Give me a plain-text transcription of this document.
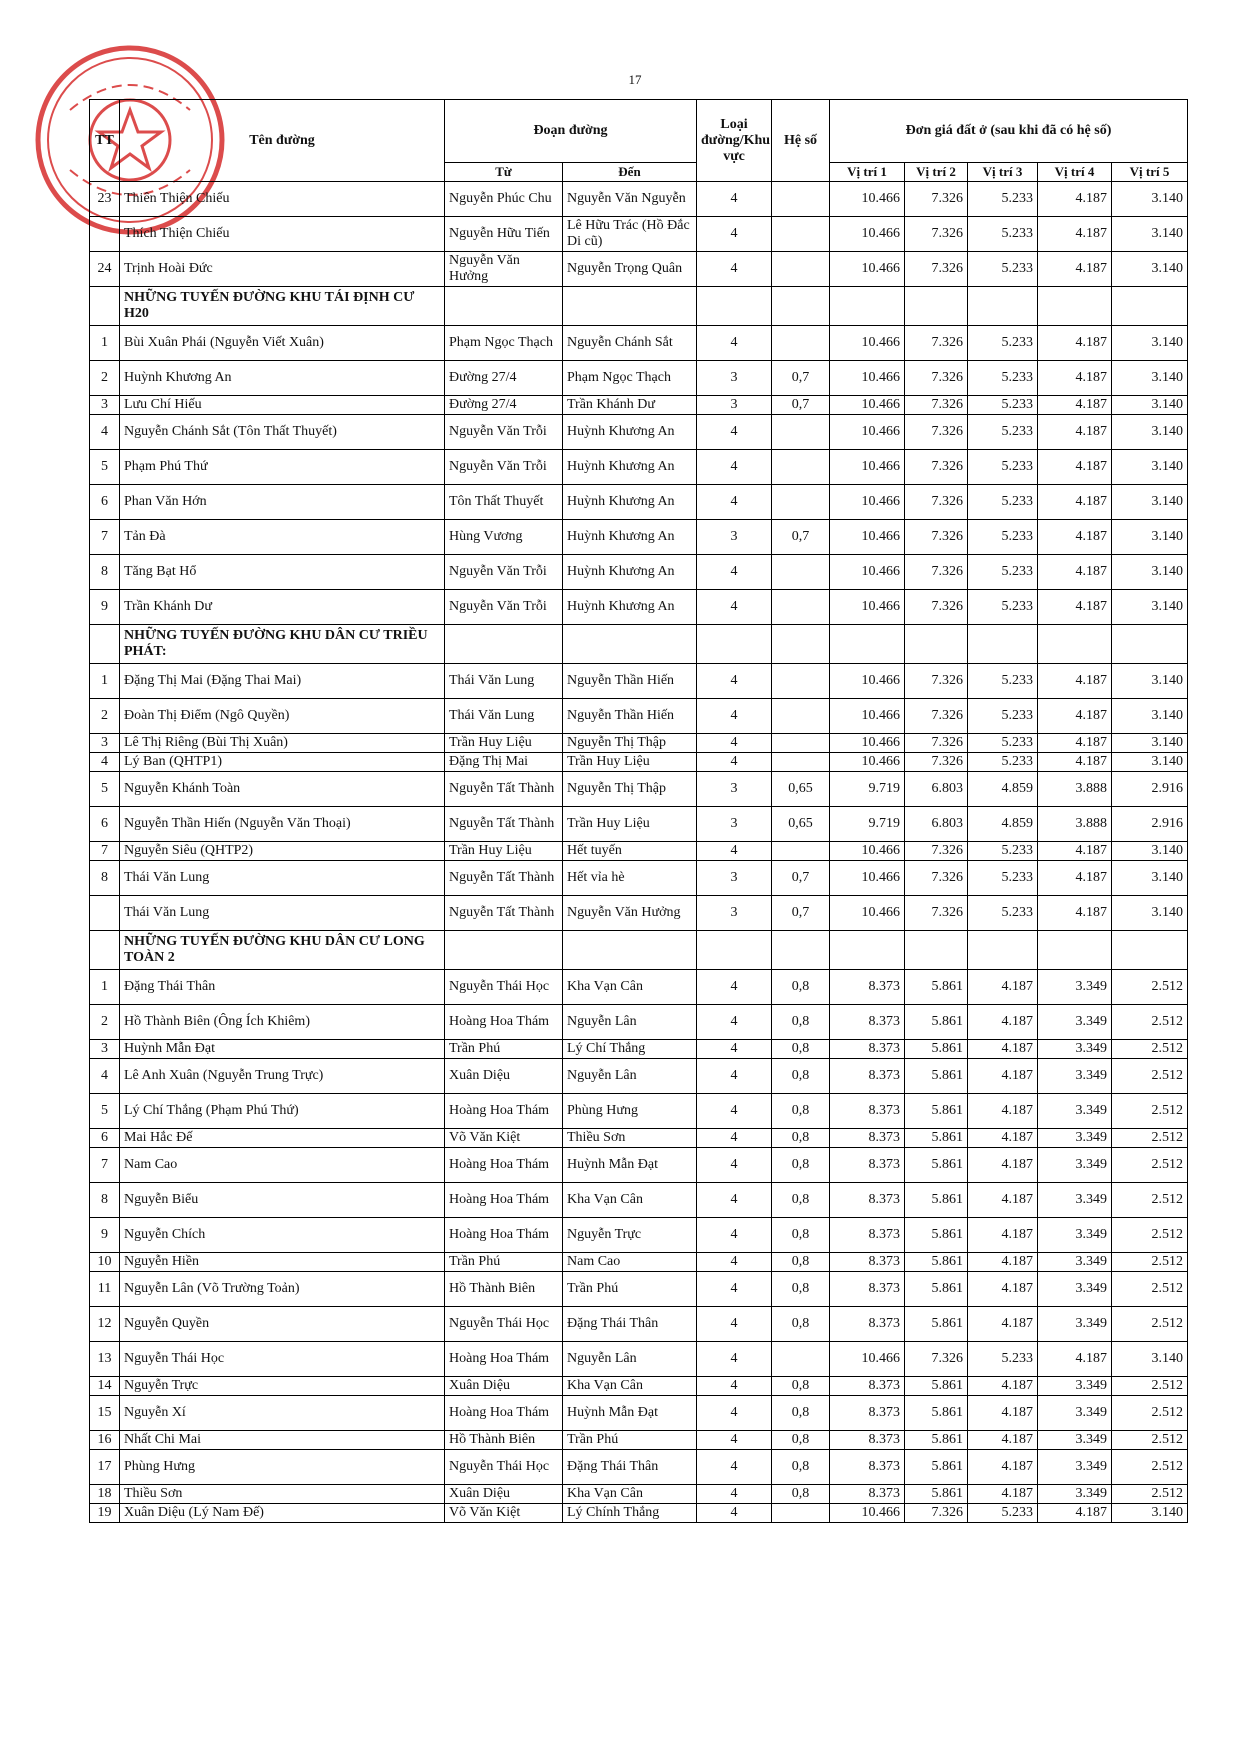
17
TT	Tên đường	Đoạn đường		Loại đường/Khu vực	Hệ số	Đơn giá đất ở (sau khi đã có hệ số)				
		Từ	Đến			Vị trí 1	Vị trí 2	Vị trí 3	Vị trí 4	Vị trí 5
23	Thiên Thiện Chiếu	Nguyễn Phúc Chu	Nguyễn Văn Nguyễn	4		10.466	7.326	5.233	4.187	3.140
	Thích Thiện Chiếu	Nguyễn Hữu Tiến	Lê Hữu Trác (Hồ Đắc Di cũ)	4		10.466	7.326	5.233	4.187	3.140
24	Trịnh Hoài Đức	Nguyễn Văn Hưởng	Nguyễn Trọng Quân	4		10.466	7.326	5.233	4.187	3.140
	NHỮNG TUYẾN ĐƯỜNG KHU TÁI ĐỊNH CƯ H20									
1	Bùi Xuân Phái (Nguyễn Viết Xuân)	Phạm Ngọc Thạch	Nguyễn Chánh Sắt	4		10.466	7.326	5.233	4.187	3.140
2	Huỳnh Khương An	Đường 27/4	Phạm Ngọc Thạch	3	0,7	10.466	7.326	5.233	4.187	3.140
3	Lưu Chí Hiếu	Đường 27/4	Trần Khánh Dư	3	0,7	10.466	7.326	5.233	4.187	3.140
4	Nguyễn Chánh Sắt (Tôn Thất Thuyết)	Nguyễn Văn Trỗi	Huỳnh Khương An	4		10.466	7.326	5.233	4.187	3.140
5	Phạm Phú Thứ	Nguyễn Văn Trỗi	Huỳnh Khương An	4		10.466	7.326	5.233	4.187	3.140
6	Phan Văn Hớn	Tôn Thất Thuyết	Huỳnh Khương An	4		10.466	7.326	5.233	4.187	3.140
7	Tản Đà	Hùng Vương	Huỳnh Khương An	3	0,7	10.466	7.326	5.233	4.187	3.140
8	Tăng Bạt Hổ	Nguyễn Văn Trỗi	Huỳnh Khương An	4		10.466	7.326	5.233	4.187	3.140
9	Trần Khánh Dư	Nguyễn Văn Trỗi	Huỳnh Khương An	4		10.466	7.326	5.233	4.187	3.140
	NHỮNG TUYẾN ĐƯỜNG KHU DÂN CƯ TRIỀU PHÁT:									
1	Đặng Thị Mai (Đặng Thai Mai)	Thái Văn Lung	Nguyễn Thần Hiến	4		10.466	7.326	5.233	4.187	3.140
2	Đoàn Thị Điểm (Ngô Quyền)	Thái Văn Lung	Nguyễn Thần Hiến	4		10.466	7.326	5.233	4.187	3.140
3	Lê Thị Riêng (Bùi Thị Xuân)	Trần Huy Liệu	Nguyễn Thị Thập	4		10.466	7.326	5.233	4.187	3.140
4	Lý Ban (QHTP1)	Đặng Thị Mai	Trần Huy Liệu	4		10.466	7.326	5.233	4.187	3.140
5	Nguyễn Khánh Toàn	Nguyễn Tất Thành	Nguyễn Thị Thập	3	0,65	9.719	6.803	4.859	3.888	2.916
6	Nguyễn Thần Hiến (Nguyễn Văn Thoại)	Nguyễn Tất Thành	Trần Huy Liệu	3	0,65	9.719	6.803	4.859	3.888	2.916
7	Nguyễn Siêu (QHTP2)	Trần Huy Liệu	Hết tuyến	4		10.466	7.326	5.233	4.187	3.140
8	Thái Văn Lung	Nguyễn Tất Thành	Hết vỉa hè	3	0,7	10.466	7.326	5.233	4.187	3.140
	Thái Văn Lung	Nguyễn Tất Thành	Nguyễn Văn Hưởng	3	0,7	10.466	7.326	5.233	4.187	3.140
	NHỮNG TUYẾN ĐƯỜNG KHU DÂN CƯ LONG TOÀN 2									
1	Đặng Thái Thân	Nguyễn Thái Học	Kha Vạn Cân	4	0,8	8.373	5.861	4.187	3.349	2.512
2	Hồ Thành Biên (Ông Ích Khiêm)	Hoàng Hoa Thám	Nguyễn Lân	4	0,8	8.373	5.861	4.187	3.349	2.512
3	Huỳnh Mẫn Đạt	Trần Phú	Lý Chí Thắng	4	0,8	8.373	5.861	4.187	3.349	2.512
4	Lê Anh Xuân (Nguyễn Trung Trực)	Xuân Diệu	Nguyễn Lân	4	0,8	8.373	5.861	4.187	3.349	2.512
5	Lý Chí Thắng (Phạm Phú Thứ)	Hoàng Hoa Thám	Phùng Hưng	4	0,8	8.373	5.861	4.187	3.349	2.512
6	Mai Hắc Đế	Võ Văn Kiệt	Thiều Sơn	4	0,8	8.373	5.861	4.187	3.349	2.512
7	Nam Cao	Hoàng Hoa Thám	Huỳnh Mẫn Đạt	4	0,8	8.373	5.861	4.187	3.349	2.512
8	Nguyễn Biểu	Hoàng Hoa Thám	Kha Vạn Cân	4	0,8	8.373	5.861	4.187	3.349	2.512
9	Nguyễn Chích	Hoàng Hoa Thám	Nguyễn Trực	4	0,8	8.373	5.861	4.187	3.349	2.512
10	Nguyễn Hiền	Trần Phú	Nam Cao	4	0,8	8.373	5.861	4.187	3.349	2.512
11	Nguyễn Lân (Võ Trường Toản)	Hồ Thành Biên	Trần Phú	4	0,8	8.373	5.861	4.187	3.349	2.512
12	Nguyễn Quyền	Nguyễn Thái Học	Đặng Thái Thân	4	0,8	8.373	5.861	4.187	3.349	2.512
13	Nguyễn Thái Học	Hoàng Hoa Thám	Nguyễn Lân	4		10.466	7.326	5.233	4.187	3.140
14	Nguyễn Trực	Xuân Diệu	Kha Vạn Cân	4	0,8	8.373	5.861	4.187	3.349	2.512
15	Nguyễn Xí	Hoàng Hoa Thám	Huỳnh Mẫn Đạt	4	0,8	8.373	5.861	4.187	3.349	2.512
16	Nhất Chi Mai	Hồ Thành Biên	Trần Phú	4	0,8	8.373	5.861	4.187	3.349	2.512
17	Phùng Hưng	Nguyễn Thái Học	Đặng Thái Thân	4	0,8	8.373	5.861	4.187	3.349	2.512
18	Thiều Sơn	Xuân Diệu	Kha Vạn Cân	4	0,8	8.373	5.861	4.187	3.349	2.512
19	Xuân Diệu (Lý Nam Đế)	Võ Văn Kiệt	Lý Chính Thắng	4		10.466	7.326	5.233	4.187	3.140
